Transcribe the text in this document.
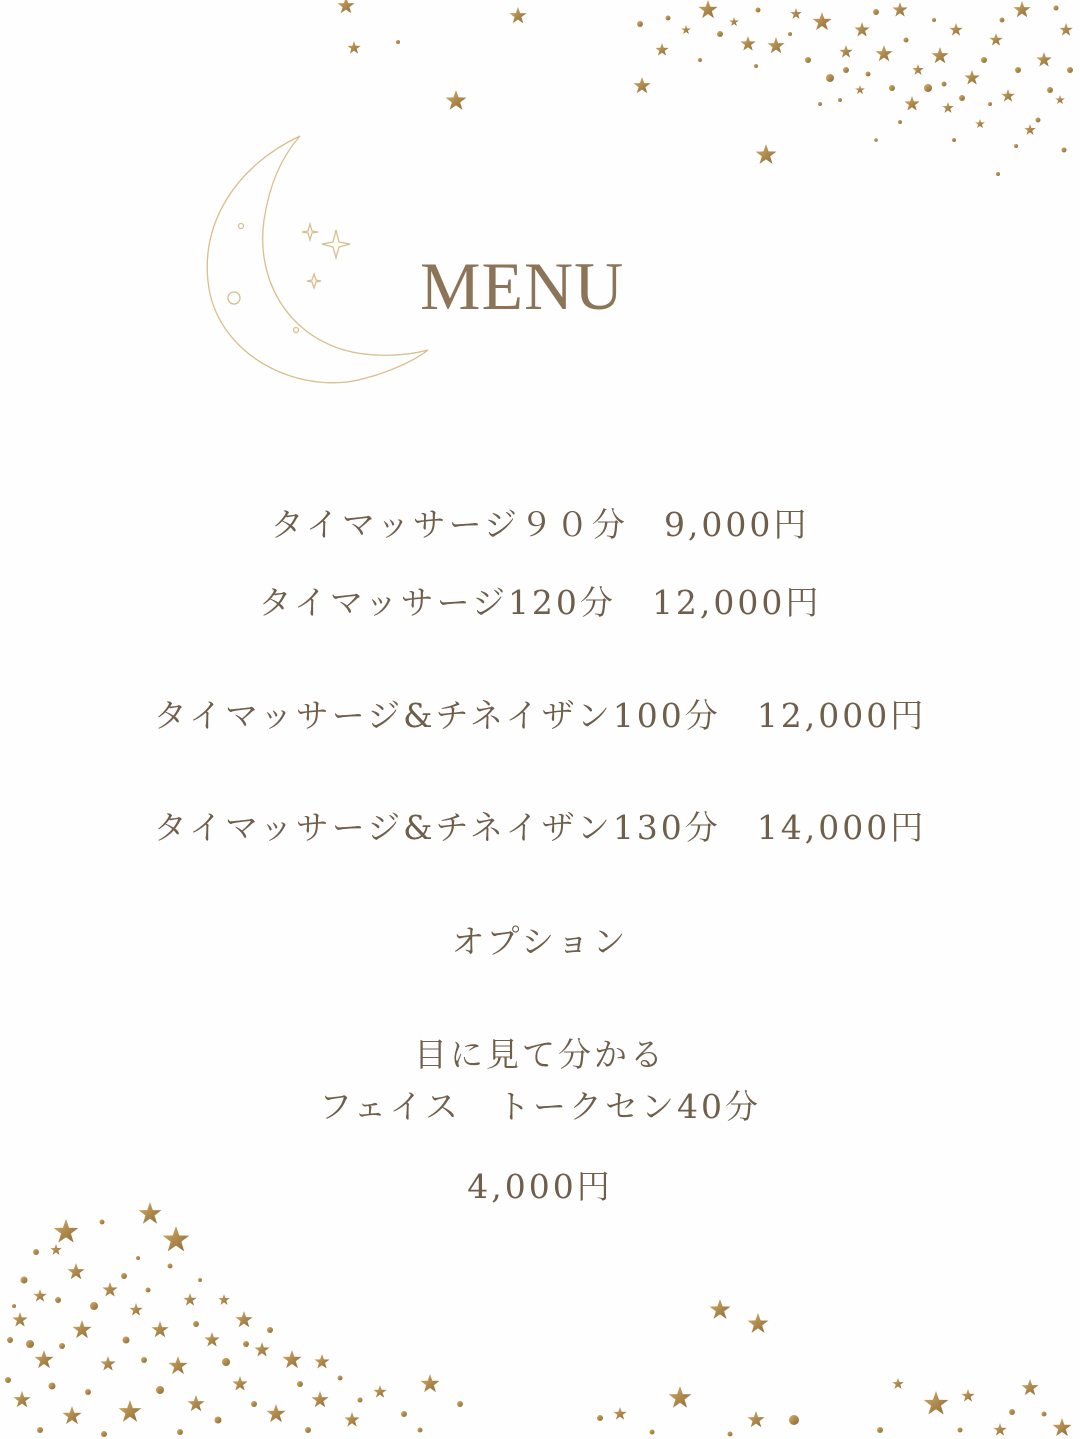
MENU
タイマッサージ９０分　 9,000円
タイマッサージ120分　 12,000円
タイマッサージ&チネイザン100分　 12,000円
タイマッサージ&チネイザン130分　 14,000円
オプション
目に見て分かる
フェイス　トークセン40分
4,000円
